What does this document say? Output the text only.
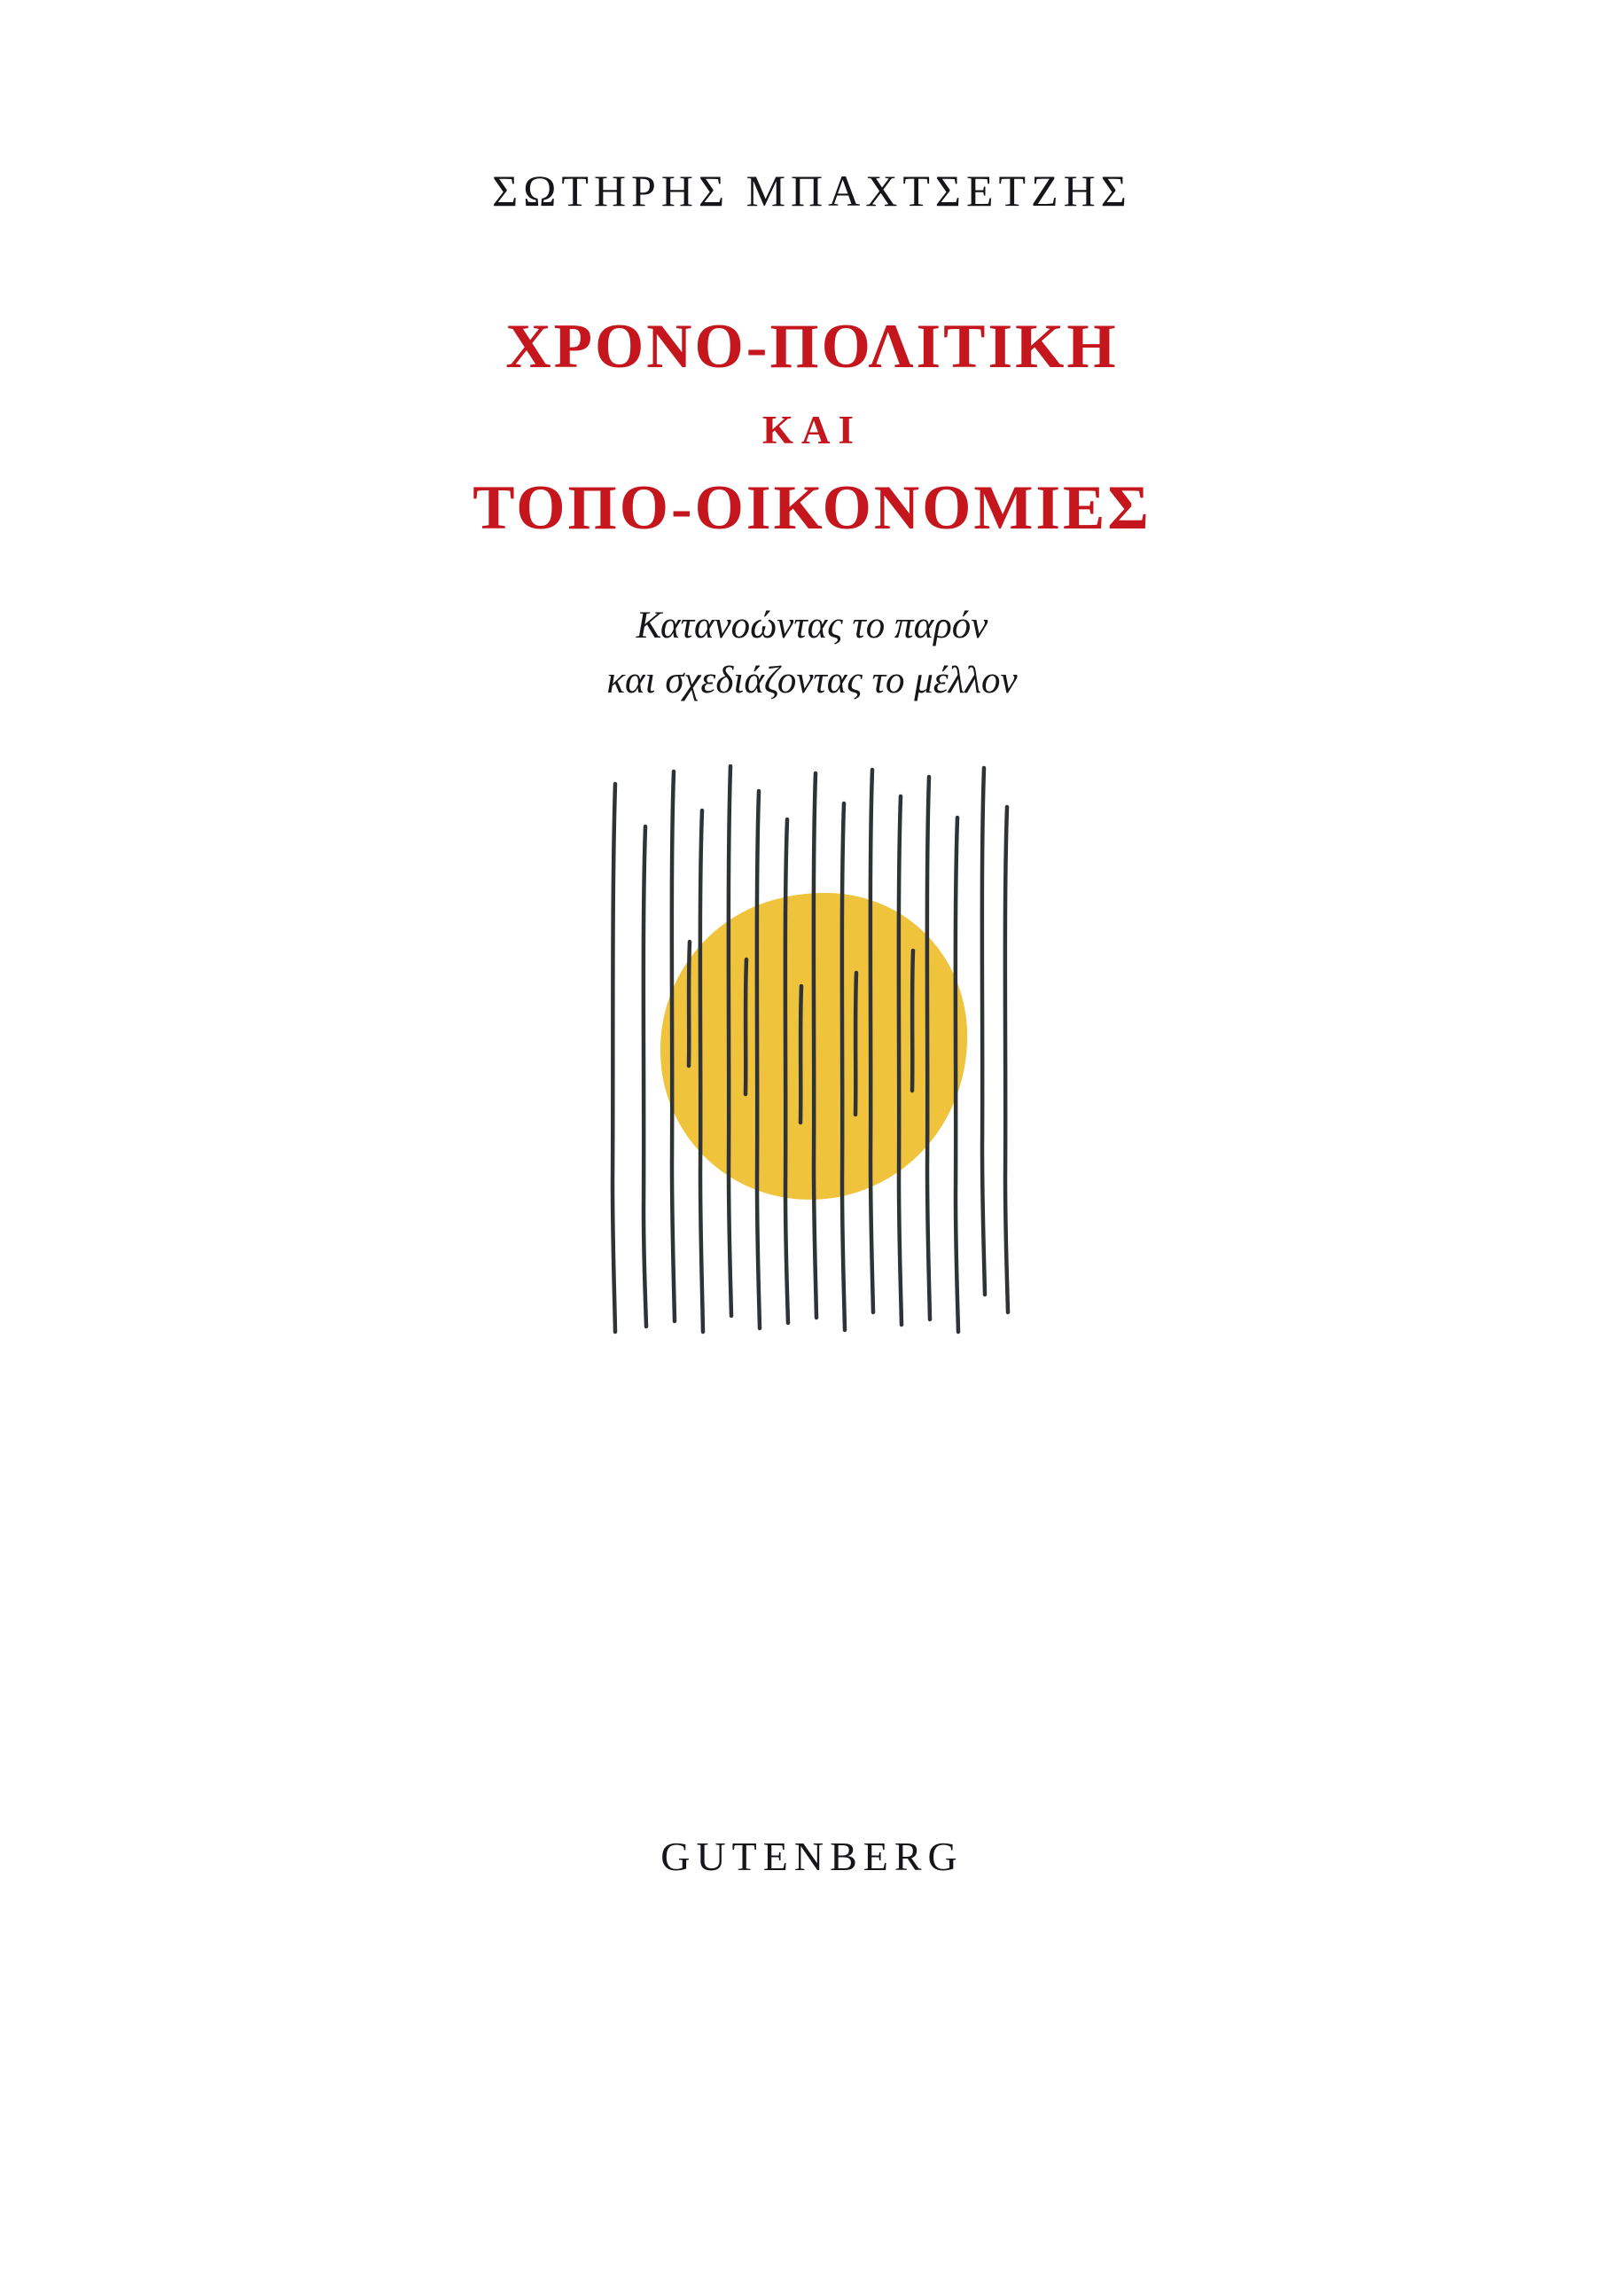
ΣΩΤΗΡΗΣ ΜΠΑΧΤΣΕΤΖΗΣ
ΧΡΟΝΟ-ΠΟΛΙΤΙΚΗ
ΚΑΙ
ΤΟΠΟ-ΟΙΚΟΝΟΜΙΕΣ
Κατανοώντας το παρόν
και σχεδιάζοντας το μέλλον
GUTENBERG
